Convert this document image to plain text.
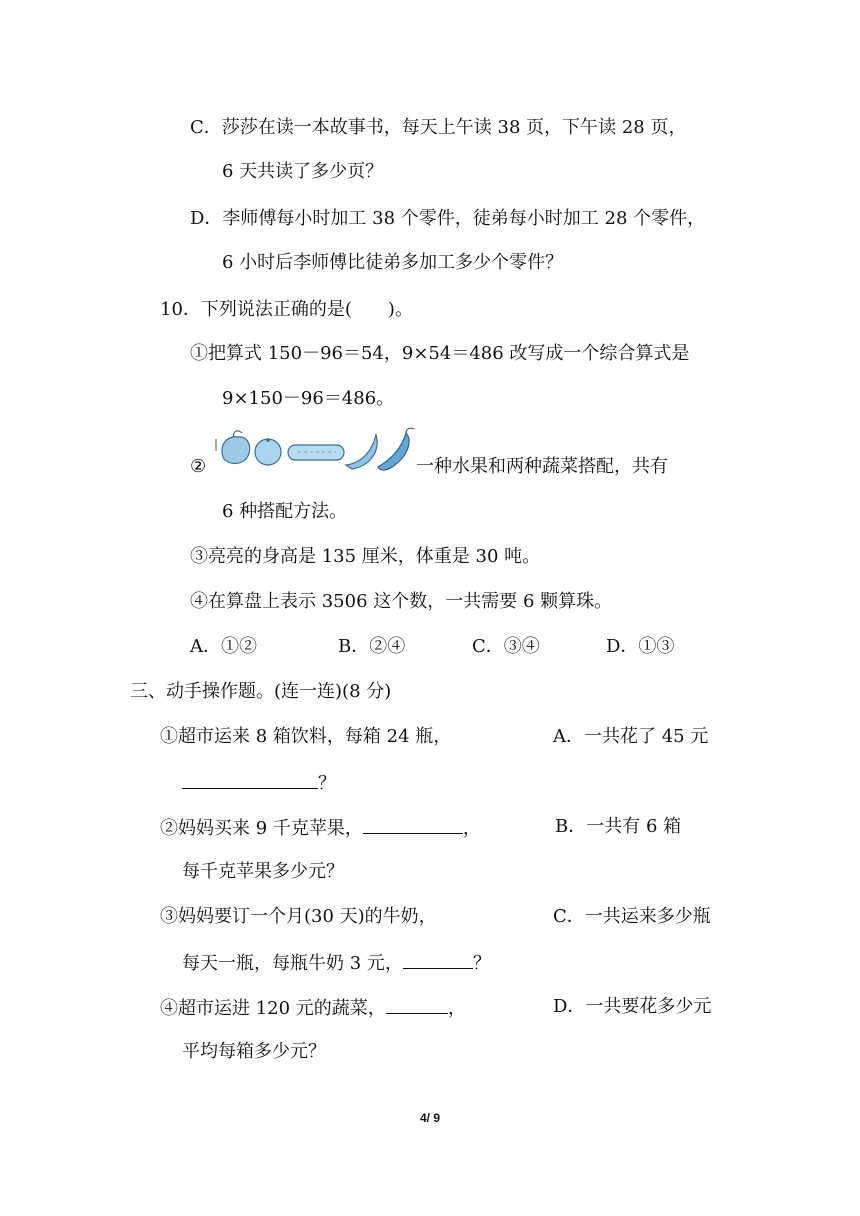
C．莎莎在读一本故事书，每天上午读 38 页，下午读 28 页，
6 天共读了多少页？
D．李师傅每小时加工 38 个零件，徒弟每小时加工 28 个零件，
6 小时后李师傅比徒弟多加工多少个零件？
10．下列说法正确的是(　　)。
①把算式 150－96＝54，9×54＝486 改写成一个综合算式是
9×150－96＝486。
②	一种水果和两种蔬菜搭配，共有
6 种搭配方法。
③亮亮的身高是 135 厘米，体重是 30 吨。
④在算盘上表示 3506 这个数，一共需要 6 颗算珠。
A．①②	B．②④	C．③④	D．①③
三、动手操作题。(连一连)(8 分)
①超市运来 8 箱饮料，每箱 24 瓶，
？
②妈妈买来 9 千克苹果，	，
每千克苹果多少元？
③妈妈要订一个月(30 天)的牛奶，
每天一瓶，每瓶牛奶 3 元，	？
④超市运进 120 元的蔬菜，	，
平均每箱多少元？
A．一共花了 45 元
B．一共有 6 箱
C．一共运来多少瓶
D．一共要花多少元
4/ 9
